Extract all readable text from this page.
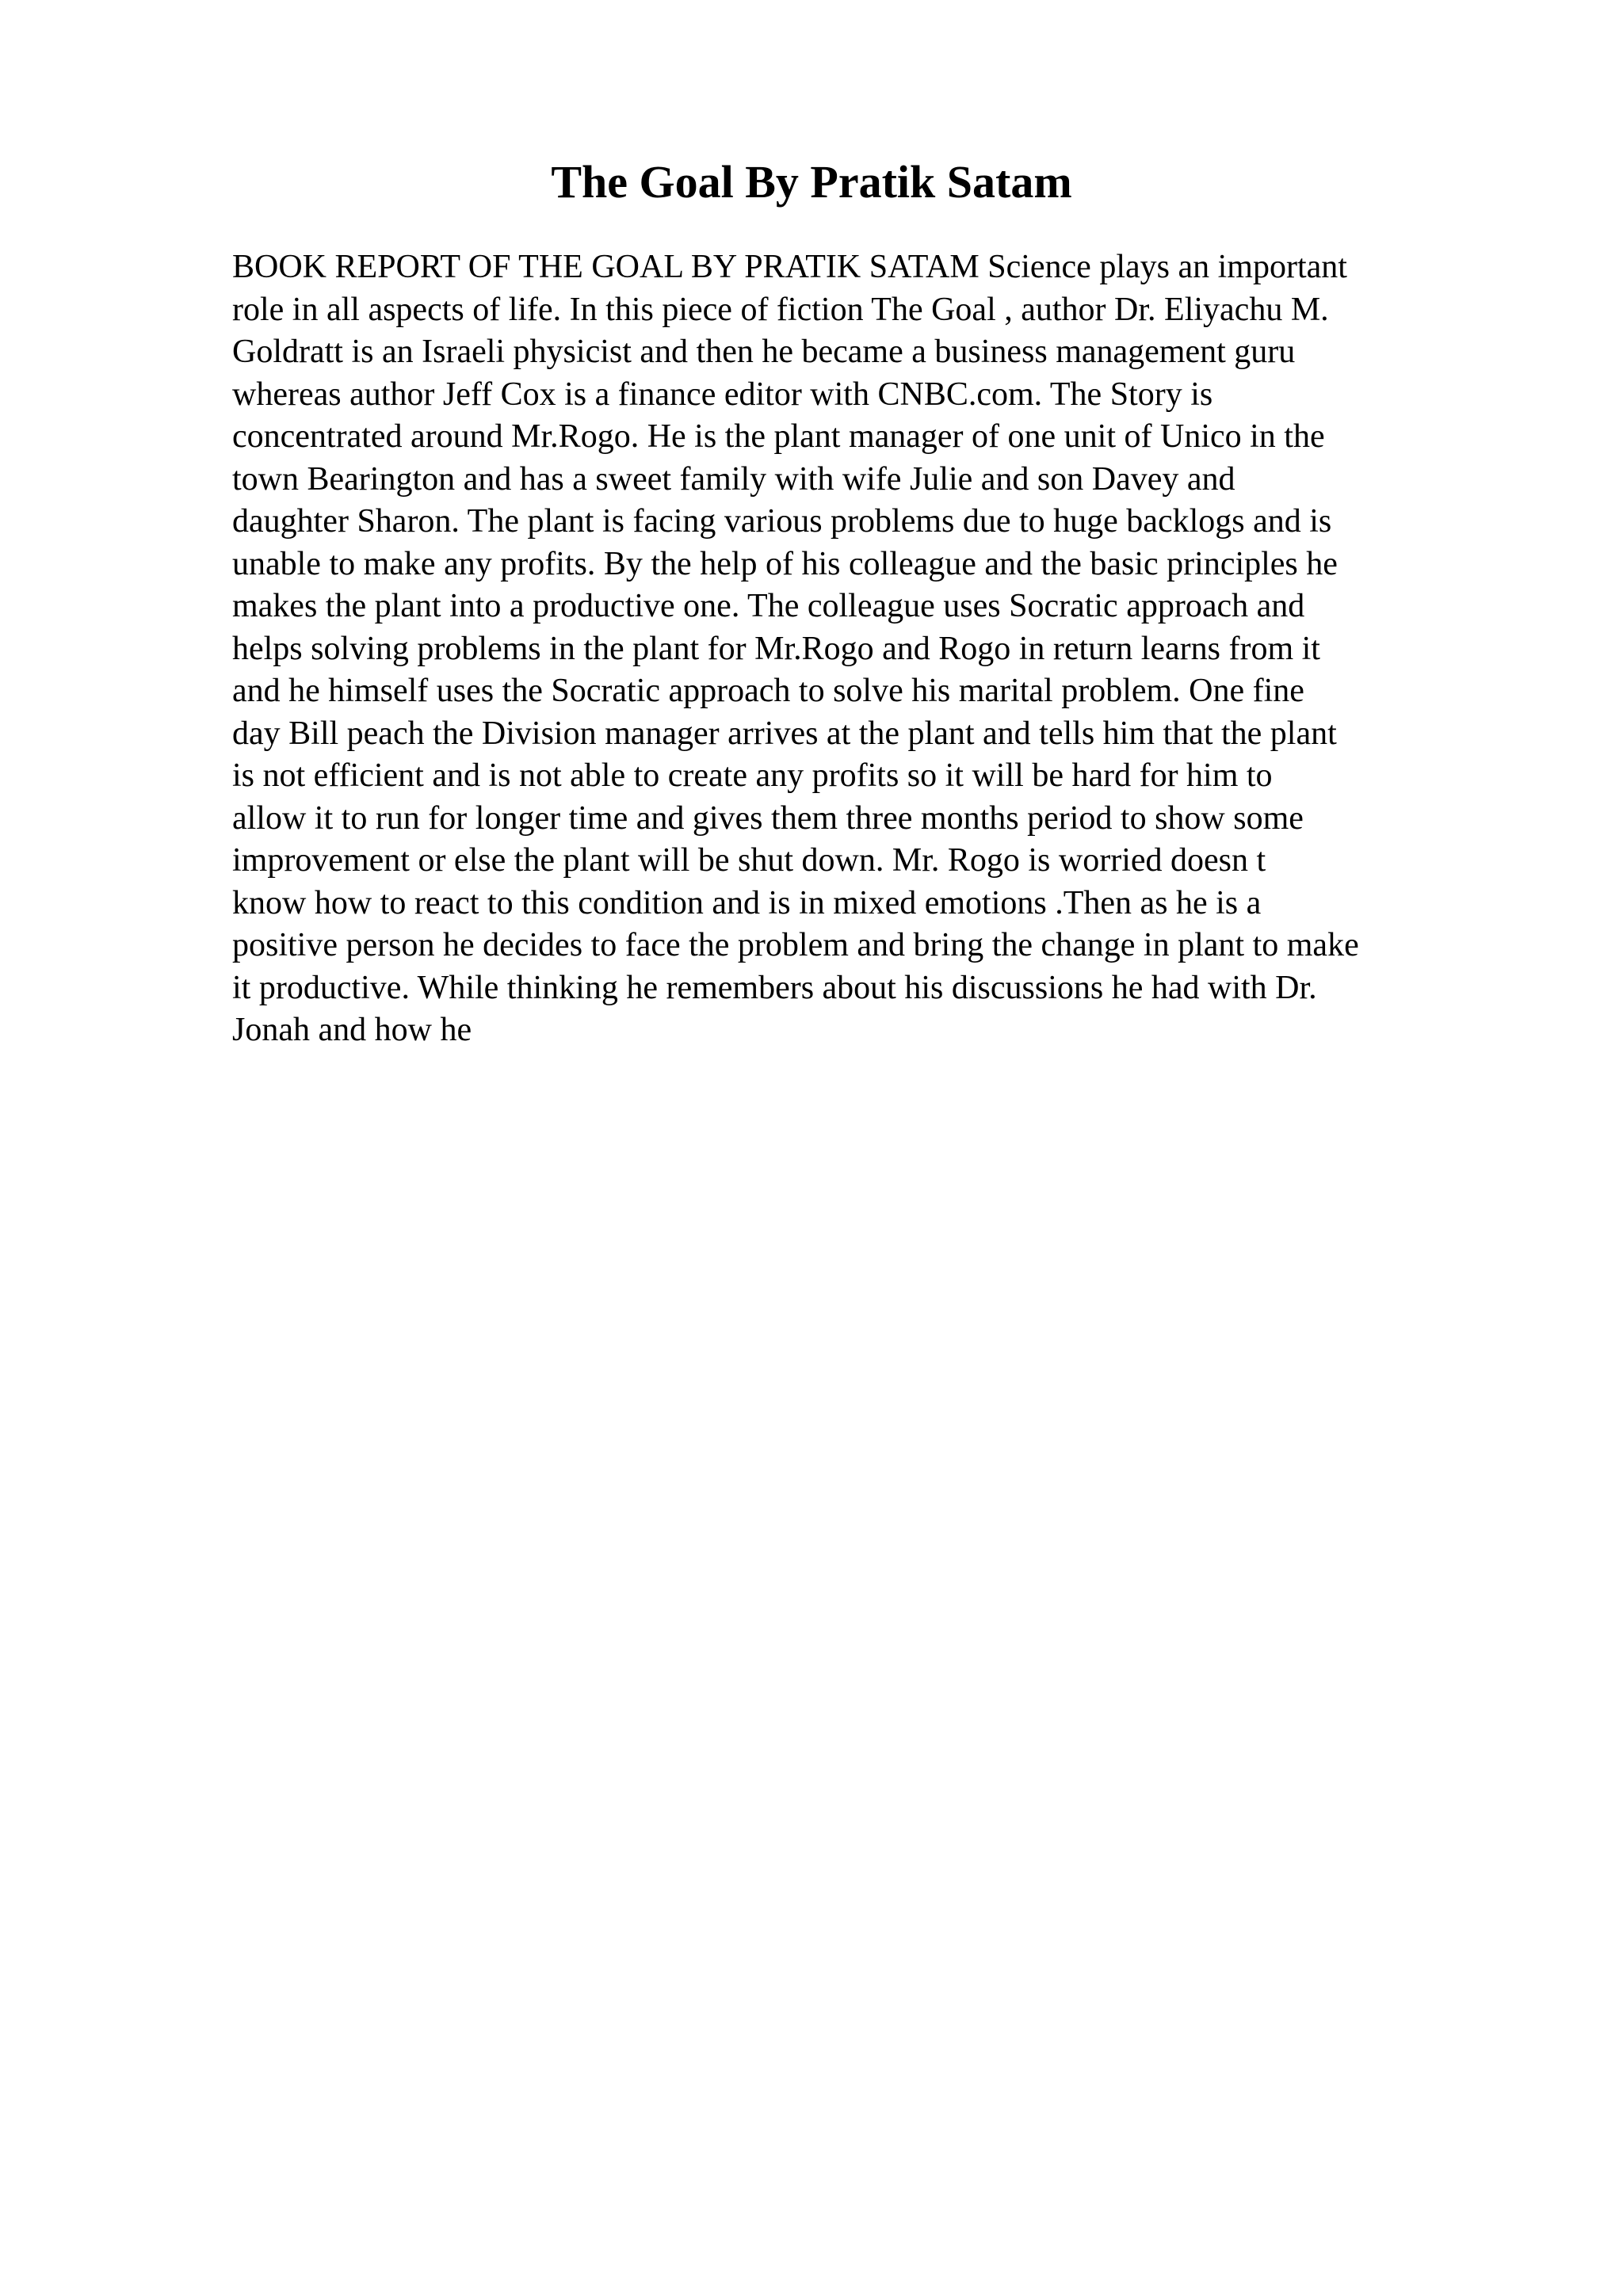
The Goal By Pratik Satam
BOOK REPORT OF THE GOAL BY PRATIK SATAM Science plays an important
role in all aspects of life. In this piece of fiction The Goal , author Dr. Eliyachu M.
Goldratt is an Israeli physicist and then he became a business management guru
whereas author Jeff Cox is a finance editor with CNBC.com. The Story is
concentrated around Mr.Rogo. He is the plant manager of one unit of Unico in the
town Bearington and has a sweet family with wife Julie and son Davey and
daughter Sharon. The plant is facing various problems due to huge backlogs and is
unable to make any profits. By the help of his colleague and the basic principles he
makes the plant into a productive one. The colleague uses Socratic approach and
helps solving problems in the plant for Mr.Rogo and Rogo in return learns from it
and he himself uses the Socratic approach to solve his marital problem. One fine
day Bill peach the Division manager arrives at the plant and tells him that the plant
is not efficient and is not able to create any profits so it will be hard for him to
allow it to run for longer time and gives them three months period to show some
improvement or else the plant will be shut down. Mr. Rogo is worried doesn t
know how to react to this condition and is in mixed emotions .Then as he is a
positive person he decides to face the problem and bring the change in plant to make
it productive. While thinking he remembers about his discussions he had with Dr.
Jonah and how he
